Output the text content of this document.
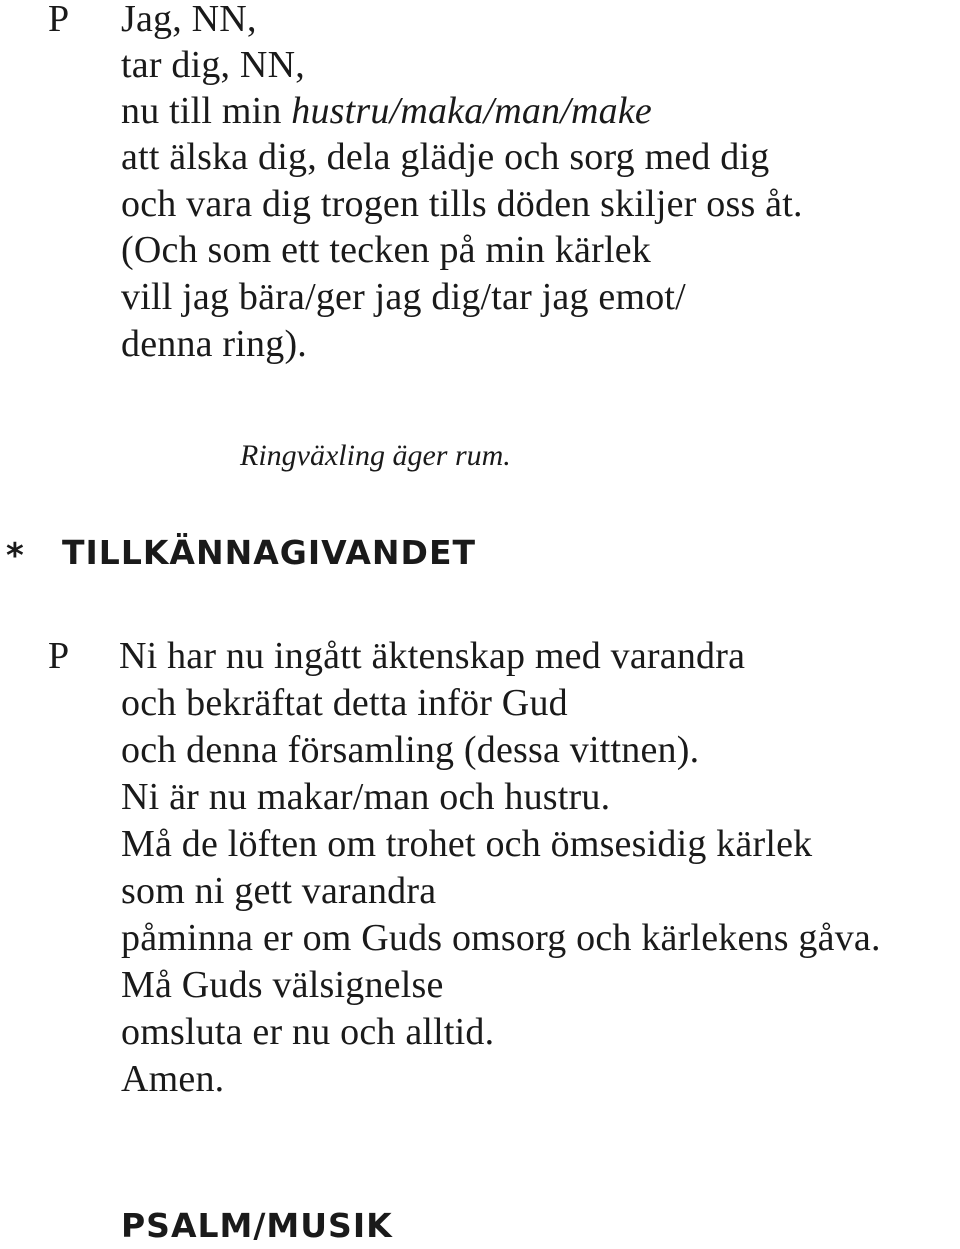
P Jag, NN,
tar dig, NN,
nu till min hustru/maka/man/make
att älska dig, dela glädje och sorg med dig
och vara dig trogen tills döden skiljer oss åt.
(Och som ett tecken på min kärlek
vill jag bära/ger jag dig/tar jag emot/
denna ring).
Ringväxling äger rum.
* TILLKÄNNAGIVANDET
P Ni har nu ingått äktenskap med varandra
och bekräftat detta inför Gud
och denna församling (dessa vittnen).
Ni är nu makar/man och hustru.
Må de löften om trohet och ömsesidig kärlek
som ni gett varandra
påminna er om Guds omsorg och kärlekens gåva.
Må Guds välsignelse
omsluta er nu och alltid.
Amen.
PSALM/MUSIK
